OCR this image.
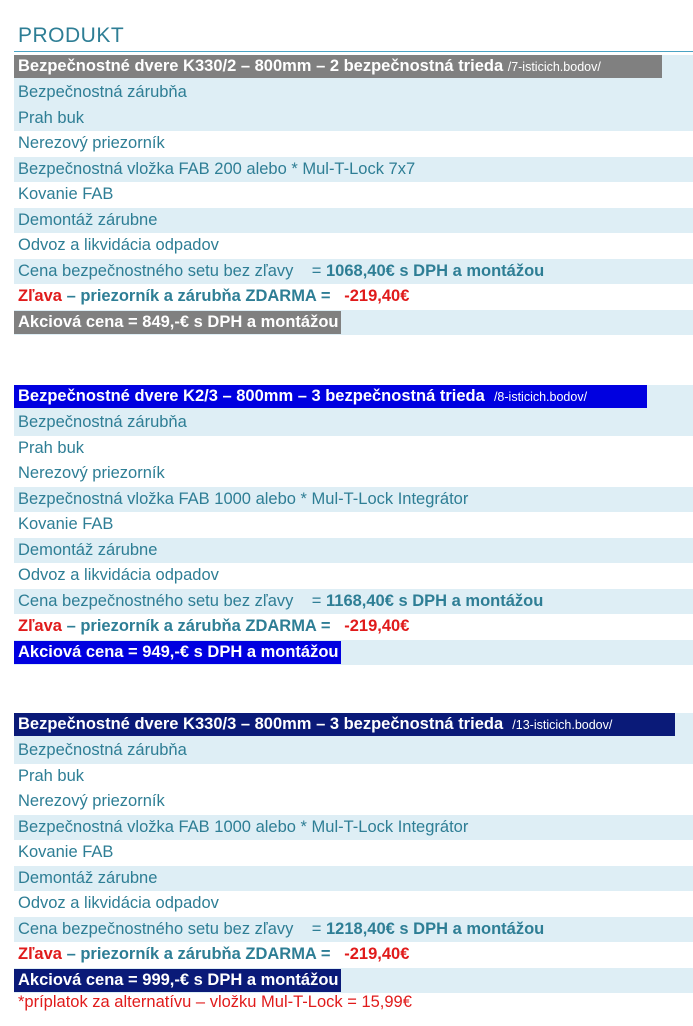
PRODUKT
Bezpečnostné dvere K330/2 – 800mm – 2 bezpečnostná trieda /7-isticich.bodov/
Bezpečnostná zárubňa
Prah buk
Nerezový priezorník
Bezpečnostná vložka FAB 200 alebo * Mul-T-Lock 7x7
Kovanie FAB
Demontáž zárubne
Odvoz a likvidácia odpadov
Cena bezpečnostného setu bez zľavy = 1068,40€ s DPH a montážou
Zľava – priezorník a zárubňa ZDARMA = -219,40€
Akciová cena = 849,-€ s DPH a montážou
Bezpečnostné dvere K2/3 – 800mm – 3 bezpečnostná trieda /8-isticich.bodov/
Bezpečnostná zárubňa
Prah buk
Nerezový priezorník
Bezpečnostná vložka FAB 1000 alebo * Mul-T-Lock Integrátor
Kovanie FAB
Demontáž zárubne
Odvoz a likvidácia odpadov
Cena bezpečnostného setu bez zľavy = 1168,40€ s DPH a montážou
Zľava – priezorník a zárubňa ZDARMA = -219,40€
Akciová cena = 949,-€ s DPH a montážou
Bezpečnostné dvere K330/3 – 800mm – 3 bezpečnostná trieda /13-isticich.bodov/
Bezpečnostná zárubňa
Prah buk
Nerezový priezorník
Bezpečnostná vložka FAB 1000 alebo * Mul-T-Lock Integrátor
Kovanie FAB
Demontáž zárubne
Odvoz a likvidácia odpadov
Cena bezpečnostného setu bez zľavy = 1218,40€ s DPH a montážou
Zľava – priezorník a zárubňa ZDARMA = -219,40€
Akciová cena = 999,-€ s DPH a montážou
*príplatok za alternatívu – vložku Mul-T-Lock = 15,99€
